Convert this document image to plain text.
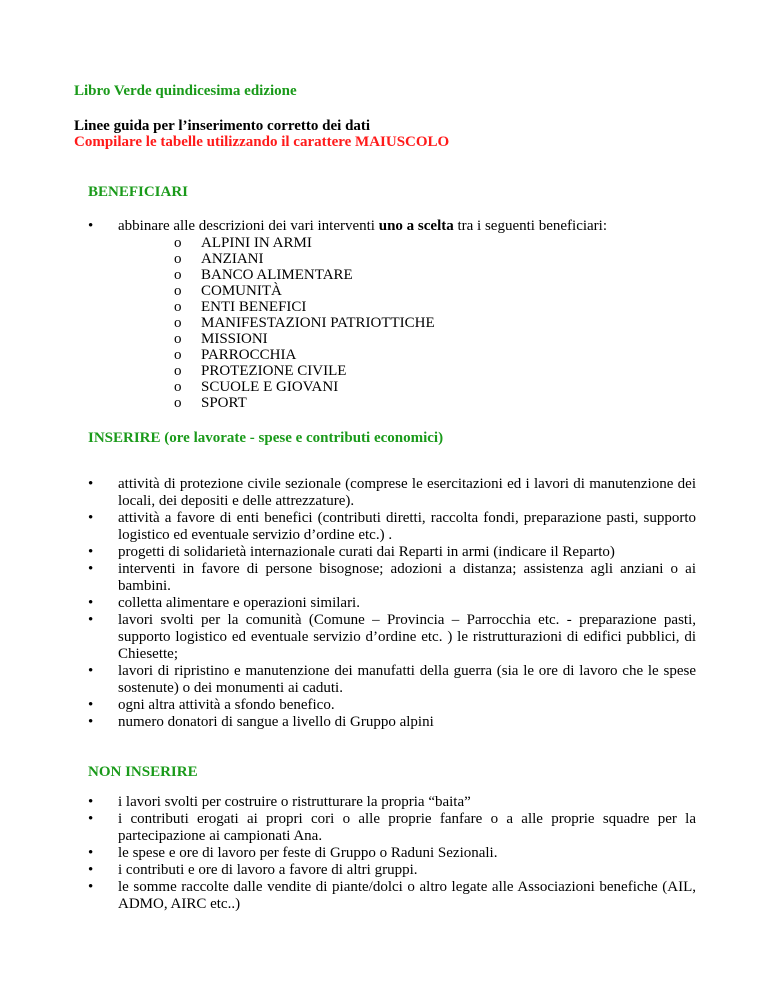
Libro Verde quindicesima edizione
Linee guida per l’inserimento corretto dei dati
Compilare le tabelle utilizzando il carattere MAIUSCOLO
BENEFICIARI
• abbinare alle descrizioni dei vari interventi uno a scelta tra i seguenti beneficiari:
o ALPINI IN ARMI
o ANZIANI
o BANCO ALIMENTARE
o COMUNITÀ
o ENTI BENEFICI
o MANIFESTAZIONI PATRIOTTICHE
o MISSIONI
o PARROCCHIA
o PROTEZIONE CIVILE
o SCUOLE E GIOVANI
o SPORT
INSERIRE (ore lavorate - spese e contributi economici)
• attività di protezione civile sezionale (comprese le esercitazioni ed i lavori di manutenzione dei locali, dei depositi e delle attrezzature).
• attività a favore di enti benefici (contributi diretti, raccolta fondi, preparazione pasti, supporto logistico ed eventuale servizio d’ordine etc.) .
• progetti di solidarietà internazionale curati dai Reparti in armi (indicare il Reparto)
• interventi in favore di persone bisognose; adozioni a distanza; assistenza agli anziani o ai bambini.
• colletta alimentare e operazioni similari.
• lavori svolti per la comunità (Comune – Provincia – Parrocchia etc. - preparazione pasti, supporto logistico ed eventuale servizio d’ordine etc. ) le ristrutturazioni di edifici pubblici, di Chiesette;
• lavori di ripristino e manutenzione dei manufatti della guerra (sia le ore di lavoro che le spese sostenute) o dei monumenti ai caduti.
• ogni altra attività a sfondo benefico.
• numero donatori di sangue a livello di Gruppo alpini
NON INSERIRE
• i lavori svolti per costruire o ristrutturare la propria “baita”
• i contributi erogati ai propri cori o alle proprie fanfare o a alle proprie squadre per la partecipazione ai campionati Ana.
• le spese e ore di lavoro per feste di Gruppo o Raduni Sezionali.
• i contributi e ore di lavoro a favore di altri gruppi.
• le somme raccolte dalle vendite di piante/dolci o altro legate alle Associazioni benefiche (AIL, ADMO, AIRC etc..)
